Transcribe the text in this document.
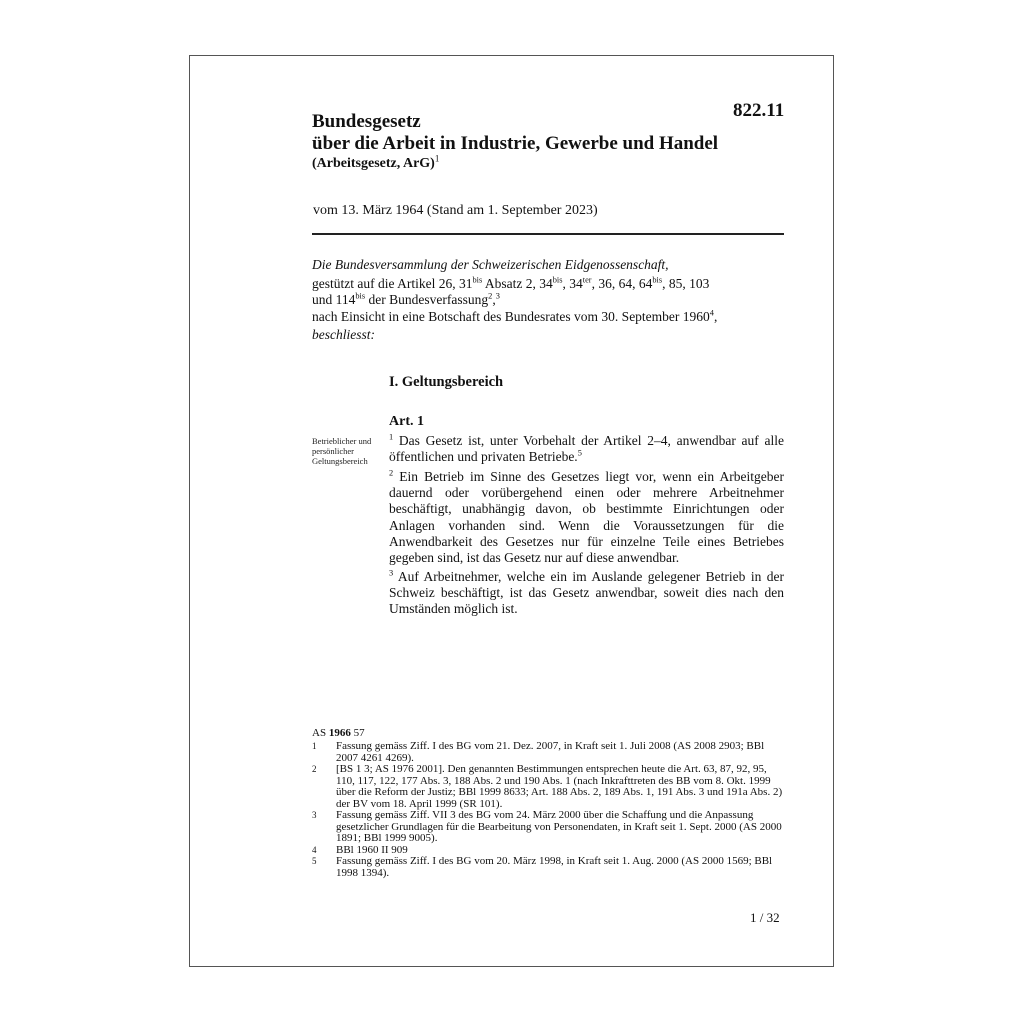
822.11
Bundesgesetz
über die Arbeit in Industrie, Gewerbe und Handel
(Arbeitsgesetz, ArG)$^1$
vom 13. März 1964 (Stand am 1. September 2023)

Die Bundesversammlung der Schweizerischen Eidgenossenschaft,

gestützt auf die Artikel 26, $31^{bis}$ Absatz 2, $34^{bis}$, $34^{ter}$, 36, 64, $64^{bis}$, 85, 103
und $114^{bis}$ der Bundesverfassung$^2$,$^3$

nach Einsicht in eine Botschaft des Bundesrates vom 30. September 1960$^4$,

beschliesst:

I. Geltungsbereich
Art. 1
Betrieblicher und persönlicher Geltungsbereich
$^1$ Das Gesetz ist, unter Vorbehalt der Artikel 2–4, anwendbar auf alle öffentlichen und privaten Betriebe.$^5$
$^2$ Ein Betrieb im Sinne des Gesetzes liegt vor, wenn ein Arbeitgeber dauernd oder vorübergehend einen oder mehrere Arbeitnehmer beschäftigt, unabhängig davon, ob bestimmte Einrichtungen oder Anlagen vorhanden sind. Wenn die Voraussetzungen für die Anwendbarkeit des Gesetzes nur für einzelne Teile eines Betriebes gegeben sind, ist das Gesetz nur auf diese anwendbar.
$^3$ Auf Arbeitnehmer, welche ein im Auslande gelegener Betrieb in der Schweiz beschäftigt, ist das Gesetz anwendbar, soweit dies nach den Umständen möglich ist.
AS 1966 57
1	Fassung gemäss Ziff. I des BG vom 21. Dez. 2007, in Kraft seit 1. Juli 2008 (AS 2008 2903; BBl 2007 4261 4269).
2	[BS 1 3; AS 1976 2001]. Den genannten Bestimmungen entsprechen heute die Art. 63, 87, 92, 95, 110, 117, 122, 177 Abs. 3, 188 Abs. 2 und 190 Abs. 1 (nach Inkrafttreten des BB vom 8. Okt. 1999 über die Reform der Justiz; BBl 1999 8633; Art. 188 Abs. 2, 189 Abs. 1, 191 Abs. 3 und 191a Abs. 2) der BV vom 18. April 1999 (SR 101).
3	Fassung gemäss Ziff. VII 3 des BG vom 24. März 2000 über die Schaffung und die Anpassung gesetzlicher Grundlagen für die Bearbeitung von Personendaten, in Kraft seit 1. Sept. 2000 (AS 2000 1891; BBl 1999 9005).
4	BBl 1960 II 909
5	Fassung gemäss Ziff. I des BG vom 20. März 1998, in Kraft seit 1. Aug. 2000 (AS 2000 1569; BBl 1998 1394).
1 / 32
